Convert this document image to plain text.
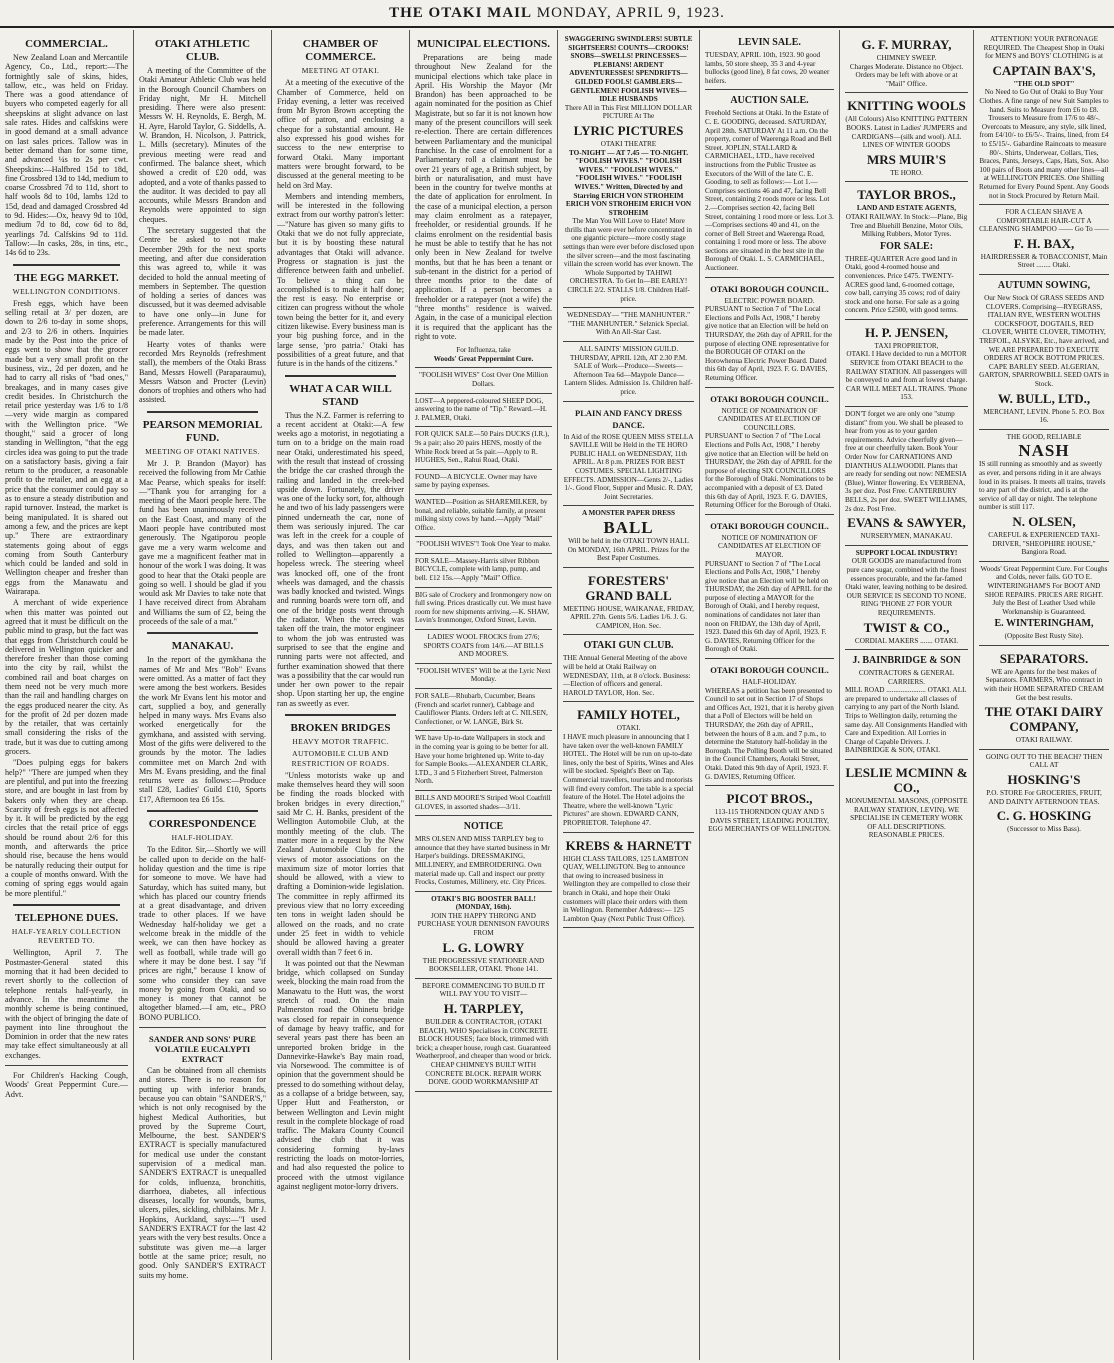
THE OTAKI MAIL MONDAY, APRIL 9, 1923.
COMMERCIAL.

New Zealand Loan and Mercantile Agency, Co., Ltd., report:—The fortnightly sale of skins, hides, tallow, etc., was held on Friday. There was a good attendance of buyers who competed eagerly for all sheepskins at slight advance on last sale rates. Hides and calfskins were in good demand at a small advance on last sales prices. Tallow was in better demand than for some time, and advanced ¼s to 2s per cwt. Sheepskins:—Halfbred 15d to 18d, fine Crossbred 13d to 14d, medium to coarse Crossbred 7d to 11d, short to half wools 8d to 10d, lambs 12d to 15d, dead and damaged Crossbred 4d to 9d. Hides:—Ox, heavy 9d to 10d, medium 7d to 8d, cow 6d to 8d, yearlings 7d. Calfskins 9d to 11d. Tallow:—In casks, 28s, in tins, etc., 14s 6d to 23s.

THE EGG MARKET.
WELLINGTON CONDITIONS.

Fresh eggs, which have been selling retail at 3/ per dozen, are down to 2/6 to-day in some shops, and 2/3 to 2/6 in others. Inquiries made by the Post into the price of eggs went to show that the grocer made but a very small profit on the business, viz., 2d per dozen, and he had to carry all risks of "bad ones," breakages, and in many cases give credit besides. In Christchurch the retail price yesterday was 1/6 to 1/8—very wide margin as compared with the Wellington price. "We thought," said a grocer of long standing in Wellington, "that the egg circles idea was going to put the trade on a satisfactory basis, giving a fair return to the producer, a reasonable profit to the retailer, and an egg at a price that the consumer could pay so as to ensure a steady distribution and rapid turnover. Instead, the market is being manipulated. It is shared out among a few, and the prices are kept up." There are extraordinary statements going about of eggs coming from South Canterbury which could be landed and sold in Wellington cheaper and fresher than eggs from the Manawatu and Wairarapa.

A merchant of wide experience when this matter was pointed out agreed that it must be difficult on the public mind to grasp, but the fact was that eggs from Christchurch could be delivered in Wellington quicker and therefore fresher than those coming into the city by rail, whilst the combined rail and boat charges on them need not be very much more than the rail and handling charges on the eggs produced nearer the city. As for the profit of 2d per dozen made by the retailer, that was certainly small considering the risks of the trade, but it was due to cutting among grocers.

"Does pulping eggs for bakers help?" "There are jumped when they are plentiful, and put into the freezing store, and are bought in last from by bakers only when they are cheap. Scarcity of fresh eggs is not affected by it. It will be predicted by the egg circles that the retail price of eggs should be round about 2/6 for this month, and afterwards the price should rise, because the hens would be naturally reducing their output for a couple of months onward. With the coming of spring eggs would again be more plentiful."

TELEPHONE DUES.
HALF-YEARLY COLLECTION REVERTED TO.

Wellington, April 7. The Postmaster-General stated this morning that it had been decided to revert shortly to the collection of telephone rentals half-yearly, in advance. In the meantime the monthly scheme is being continued, with the object of bringing the date of payment into line throughout the Dominion in order that the new rates may take effect simultaneously at all exchanges.

For Children's Hacking Cough, Woods' Great Peppermint Cure.—Advt.

OTAKI ATHLETIC CLUB.

A meeting of the Committee of the Otaki Amateur Athletic Club was held in the Borough Council Chambers on Friday night, Mr H. Mitchell presiding. There were also present: Messrs W. H. Reynolds, E. Bergh, M. H. Ayre, Harold Taylor, G. Siddells, A. W. Brandon, H. Nicolson, J. Pattrick, L. Mills (secretary). Minutes of the previous meeting were read and confirmed. The balance sheet, which showed a credit of £20 odd, was adopted, and a vote of thanks passed to the auditor. It was decided to pay all accounts, while Messrs Brandon and Reynolds were appointed to sign cheques.

The secretary suggested that the Centre be asked to not make December 29th for the next sports meeting, and after due consideration this was agreed to, while it was decided to hold the annual meeting of members in September. The question of holding a series of dances was discussed, but it was deemed advisable to have one only—in June for preference. Arrangements for this will be made later.

Hearty votes of thanks were recorded Mrs Reynolds (refreshment stall), the members of the Otaki Brass Band, Messrs Howell (Paraparaumu), Messrs Watson and Procter (Levin) donors of trophies and others who had assisted.

PEARSON MEMORIAL FUND.
MEETING OF OTAKI NATIVES.

Mr J. P. Brandon (Mayor) has received the following from Mr Cathie Mac Pearse, which speaks for itself:—"Thank you for arranging for a meeting of the Maori people here. The fund has been unanimously received on the East Coast, and many of the Maori people have contributed most generously. The Ngatiporou people gave me a very warm welcome and gave me a magnificent feather mat in honour of the work I was doing. It was good to hear that the Otaki people are going so well. I should be glad if you would ask Mr Davies to take note that I have received direct from Abraham and Williams the sum of £2, being the proceeds of the sale of a mat."

MANAKAU.

In the report of the gymkhana the names of Mr and Mrs "Bob" Evans were omitted. As a matter of fact they were among the best workers. Besides the work Mr Evans lent his motor and cart, supplied a boy, and generally helped in many ways. Mrs Evans also worked energetically for the gymkhana, and assisted with serving. Most of the gifts were delivered to the grounds by the motor. The ladies committee met on March 2nd with Mrs M. Evans presiding, and the final returns were as follows:—Produce stall £28, Ladies' Guild £10, Sports £17, Afternoon tea £6 15s.

CORRESPONDENCE
HALF-HOLIDAY.

To the Editor. Sir,—Shortly we will be called upon to decide on the half-holiday question and the time is ripe for someone to move. We have had Saturday, which has suited many, but which has placed our country friends at a great disadvantage, and driven trade to other places. If we have Wednesday half-holiday we get a welcome break in the middle of the week, we can then have hockey as well as football, while trade will go where it may be done best. I say "if prices are right," because I know of some who consider they can save money by going from Otaki, and so money is money that cannot be altogether blamed.—I am, etc., PRO BONO PUBLICO.

SANDER AND SONS' PURE VOLATILE EUCALYPTI EXTRACT

Can be obtained from all chemists and stores. There is no reason for putting up with inferior brands, because you can obtain "SANDER'S," which is not only recognised by the highest Medical Authorities, but proved by the Supreme Court, Melbourne, the best. SANDER'S EXTRACT is specially manufactured for medical use under the constant supervision of a medical man. SANDER'S EXTRACT is unequalled for colds, influenza, bronchitis, diarrhoea, diabetes, all infectious diseases, locally for wounds, burns, ulcers, piles, sickling, chilblains. Mr J. Hopkins, Auckland, says:—"I used SANDER'S EXTRACT for the last 42 years with the very best results. Once a substitute was given me—a larger bottle at the same price; result, no good. Only SANDER'S EXTRACT suits my home.

CHAMBER OF COMMERCE.
MEETING AT OTAKI.

At a meeting of the executive of the Chamber of Commerce, held on Friday evening, a letter was received from Mr Byron Brown accepting the office of patron, and enclosing a cheque for a substantial amount. He also expressed his good wishes for success to the new enterprise to forward Otaki. Many important matters were brought forward, to be discussed at the general meeting to be held on 3rd May.

Members and intending members, will be interested in the following extract from our worthy patron's letter:—"Nature has given so many gifts to Otaki that we do not fully appreciate, but it is by boosting these natural advantages that Otaki will advance. Progress or stagnation is just the difference between faith and unbelief. To believe a thing can be accomplished is to make it half done; the rest is easy. No enterprise or citizen can progress without the whole town being the better for it, and every citizen likewise. Every business man is your big pushing force, and in the large sense, 'pro patria.' Otaki has possibilities of a great future, and that future is in the hands of the citizens."

WHAT A CAR WILL STAND

Thus the N.Z. Farmer is referring to a recent accident at Otaki:—A few weeks ago a motorist, in negotiating a turn on to a bridge on the main road near Otaki, underestimated his speed, with the result that instead of crossing the bridge the car crashed through the railing and landed in the creek-bed upside down. Fortunately, the driver was one of the lucky sort, for, although he and two of his lady passengers were pinned underneath the car, none of them was seriously injured. The car was left in the creek for a couple of days, and was then taken out and rolled to Wellington—apparently a hopeless wreck. The steering wheel was knocked off, one of the front wheels was damaged, and the chassis was badly knocked and twisted. Wings and running boards were torn off, and one of the bridge posts went through the radiator. When the wreck was taken off the train, the motor engineer to whom the job was entrusted was surprised to see that the engine and running parts were not affected, and further examination showed that there was a possibility that the car would run under her own power to the repair shop. Upon starting her up, the engine ran as sweetly as ever.

BROKEN BRIDGES
HEAVY MOTOR TRAFFIC.
AUTOMOBILE CLUB AND RESTRICTION OF ROADS.

"Unless motorists wake up and make themselves heard they will soon be finding the roads blocked with broken bridges in every direction," said Mr C. H. Banks, president of the Wellington Automobile Club, at the monthly meeting of the club. The matter more in a request by the New Zealand Automobile Club for the views of motor associations on the maximum size of motor lorries that should be allowed, with a view to drafting a Dominion-wide legislation. The committee in reply affirmed its previous view that no lorry exceeding ten tons in weight laden should be allowed on the roads, and no crate under 25 feet in width to vehicle should be allowed having a greater overall width than 7 feet 6 in.

It was pointed out that the Newman bridge, which collapsed on Sunday week, blocking the main road from the Manawatu to the Hutt was, the worst stretch of road. On the main Palmerston road the Ohinetu bridge was closed for repair in consequence of damage by heavy traffic, and for several years past there has been an unreported broken bridge in the Dannevirke-Hawke's Bay main road, via Norsewood. The committee is of opinion that the government should be pressed to do something without delay, as a collapse of a bridge between, say, Upper Hutt and Featherston, or between Wellington and Levin might result in the complete blockage of road traffic. The Makara County Council advised the club that it was considering forming by-laws restricting the loads on motor-lorries, and had also requested the police to proceed with the utmost vigilance against negligent motor-lorry drivers.

MUNICIPAL ELECTIONS.

Preparations are being made throughout New Zealand for the municipal elections which take place in April. His Worship the Mayor (Mr Brandon) has been approached to be again nominated for the position as Chief Magistrate, but so far it is not known how many of the present councillors will seek re-election. There are certain differences between Parliamentary and the municipal franchise. In the case of enrolment for a Parliamentary roll a claimant must be over 21 years of age, a British subject, by birth or naturalisation, and must have been in the country for twelve months at the date of application for enrolment. In the case of a municipal election, a person may claim enrolment as a ratepayer, freeholder, or residential grounds. If he claims enrolment on the residential basis he must be able to testify that he has not only been in New Zealand for twelve months, but that he has been a tenant or sub-tenant in the district for a period of three months prior to the date of application. If a person becomes a freeholder or a ratepayer (not a wife) the "three months" residence is waived. Again, in the case of a municipal election it is required that the applicant has the right to vote.

For Influenza, take
Woods' Great Peppermint Cure.
"FOOLISH WIVES" Cost Over One Million Dollars.
LOST—A peppered-coloured SHEEP DOG, answering to the name of "Tip." Reward.—H. J. PALMER, Otaki.
FOR QUICK SALE—50 Pairs DUCKS (I.R.), 9s a pair; also 20 pairs HENS, mostly of the White Rock breed at 5s pair.—Apply to R. HUGHES, Sen., Rahui Road, Otaki.
FOUND—A BICYCLE. Owner may have same by paying expenses.
WANTED—Position as SHAREMILKER, by bonal, and reliable, suitable family, at present milking sixty cows by hand.—Apply "Mail" Office.
"FOOLISH WIVES"! Took One Year to make.
FOR SALE—Massey-Harris silver Ribbon BICYCLE, complete with lamp, pump, and bell. £12 15s.—Apply "Mail" Office.
BIG sale of Crockery and Ironmongery now on full swing. Prices drastically cut. We must have room for new shipments arriving.—K. SHAW, Levin's Ironmonger, Oxford Street, Levin.
LADIES' WOOL FROCKS from 27/6; SPORTS COATS from 14/6.—AT BILLS AND MOORE'S.
"FOOLISH WIVES" Will be at the Lyric Next Monday.
FOR SALE—Rhubarb, Cucumber, Beans (French and scarlet runner), Cabbage and Cauliflower Plants. Orders left at C. NILSEN, Confectioner, or W. LANGE, Birk St.
WE have Up-to-date Wallpapers in stock and in the coming year is going to be better for all. Have your home brightened up. Write to-day for Sample Books.—ALEXANDER CLARK, LTD., 3 and 5 Fitzherbert Street, Palmerston North.
BILLS AND MOORE'S Striped Wool Coatfrill GLOVES, in assorted shades—3/11.
NOTICE
MRS OLSEN AND MISS TARPLEY beg to announce that they have started business in Mr Harper's buildings. DRESSMAKING, MILLINERY, and EMBROIDERING. Own material made up. Call and inspect our pretty Frocks, Costumes, Millinery, etc. City Prices.
OTAKI'S BIG BOOSTER BALL! (MONDAY, 16th).
JOIN THE HAPPY THRONG AND PURCHASE YOUR DENNISON FAVOURS FROM
L. G. LOWRY
THE PROGRESSIVE STATIONER AND BOOKSELLER, OTAKI. 'Phone 141.
BEFORE COMMENCING TO BUILD IT WILL PAY YOU TO VISIT—
H. TARPLEY,
BUILDER & CONTRACTOR, (OTAKI BEACH). WHO Specialises in CONCRETE BLOCK HOUSES; face block, trimmed with brick; a cheaper house, rough cast. Guaranteed Weatherproof, and cheaper than wood or brick. CHEAP CHIMNEYS BUILT WITH CONCRETE BLOCK. REPAIR WORK DONE. GOOD WORKMANSHIP AT
SWAGGERING SWINDLERS! SUBTLE SIGHTSEERS! COUNTS—CROOKS! SNOBS—SWELLS! PRINCESSES—PLEBIANS! ARDENT ADVENTURESSES! SPENDRIFTS—GILDED FOOLS! GAMBLERS—GENTLEMEN! FOOLISH WIVES—IDLE HUSBANDS
There All in This First MILLION DOLLAR PICTURE At The
LYRIC PICTURES
OTAKI THEATRE
TO-NIGHT — AT 7.45 — TO-NIGHT. "FOOLISH WIVES." "FOOLISH WIVES." "FOOLISH WIVES." "FOOLISH WIVES." "FOOLISH WIVES." Written, Directed by and Starring ERICH VON STROHEIM ERICH VON STROHEIM ERICH VON STROHEIM
The Man You Will Love to Hate! More thrills than were ever before concentrated in one gigantic picture—more costly stage settings than were ever before disclosed upon the silver screen—and the most fascinating villain the screen world has ever known. The Whole Supported by TAHIWI ORCHESTRA. To Get In—BE EARLY! CIRCLE 2/2. STALLS 1/8. Children Half-price.
WEDNESDAY— "THE MANHUNTER." "THE MANHUNTER." Selznick Special. With An All-Star Cast.
ALL SAINTS' MISSION GUILD. THURSDAY, APRIL 12th, AT 2.30 P.M. SALE of Work—Produce—Sweets—Afternoon Tea 6d—Maypole Dance—Lantern Slides. Admission 1s. Children half-price.
PLAIN AND FANCY DRESS DANCE.
In Aid of the ROSE QUEEN MISS STELLA SAVILLE Will be Held in the TE HORO PUBLIC HALL on WEDNESDAY, 11th APRIL. At 8 p.m. PRIZES FOR BEST COSTUMES. SPECIAL LIGHTING EFFECTS. ADMISSION—Gents 2/-, Ladies 1/-. Good Floor, Supper and Music. R. DAY, Joint Secretaries.
A MONSTER PAPER DRESS
BALL
Will be held in the OTAKI TOWN HALL On MONDAY, 16th APRIL. Prizes for the Best Paper Costumes.
FORESTERS' GRAND BALL
MEETING HOUSE, WAIKANAE, FRIDAY, APRIL 27th. Gents 5/6. Ladies 1/6. J. G. CAMPION, Hon. Sec.
OTAKI GUN CLUB.
THE Annual General Meeting of the above will be held at Otaki Railway on WEDNESDAY, 11th, at 8 o'clock. Business:—Election of officers and general. HAROLD TAYLOR, Hon. Sec.
FAMILY HOTEL,
OTAKI.
I HAVE much pleasure in announcing that I have taken over the well-known FAMILY HOTEL. The Hotel will be run on up-to-date lines, only the best of Spirits, Wines and Ales will be stocked. Speight's Beer on Tap. Commercial travellers, tourists and motorists will find every comfort. The table is a special feature of the Hotel. The Hotel adjoins the Theatre, where the well-known "Lyric Pictures" are shown. EDWARD CANN, PROPRIETOR. Telephone 47.
KREBS & HARNETT
HIGH CLASS TAILORS, 125 LAMBTON QUAY, WELLINGTON. Beg to announce that owing to increased business in Wellington they are compelled to close their branch in Otaki, and hope their Otaki customers will place their orders with them in Wellington. Remember Address:— 125 Lambton Quay (Next Public Trust Office).
LEVIN SALE.
TUESDAY, APRIL 10th, 1923. 90 good lambs, 50 store sheep, 35 3 and 4-year bullocks (good line), 8 fat cows, 20 weaner heifers.
AUCTION SALE.
Freehold Sections at Otaki. In the Estate of C. E. GOODING, deceased. SATURDAY, April 28th. SATURDAY At 11 a.m. On the property, corner of Waerenga Road and Bell Street. JOPLIN, STALLARD & CARMICHAEL, LTD., have received instructions from the Public Trustee as Executors of the Will of the late C. E. Gooding, to sell as follows:— Lot 1.—Comprises sections 46 and 47, facing Bell Street, containing 2 roods more or less. Lot 2.—Comprises section 42, facing Bell Street, containing 1 rood more or less. Lot 3.—Comprises sections 40 and 41, on the corner of Bell Street and Waerenga Road, containing 1 rood more or less. The above sections are situated in the best site in the Borough of Otaki. L. S. CARMICHAEL, Auctioneer.
OTAKI BOROUGH COUNCIL.
ELECTRIC POWER BOARD.
PURSUANT to Section 7 of "The Local Elections and Polls Act, 1908," I hereby give notice that an Election will be held on THURSDAY, the 26th day of APRIL for the purpose of electing ONE representative for the BOROUGH OF OTAKI on the Horowhenua Electric Power Board. Dated this 6th day of April, 1923. F. G. DAVIES, Returning Officer.
OTAKI BOROUGH COUNCIL.
NOTICE OF NOMINATION OF CANDIDATES AT ELECTION OF COUNCILLORS.
PURSUANT to Section 7 of "The Local Elections and Polls Act, 1908," I hereby give notice that an Election will be held on THURSDAY, the 26th day of APRIL for the purpose of electing SIX COUNCILLORS for the Borough of Otaki. Nominations to be accompanied with a deposit of £3. Dated this 6th day of April, 1923. F. G. DAVIES, Returning Officer for the Borough of Otaki.
OTAKI BOROUGH COUNCIL.
NOTICE OF NOMINATION OF CANDIDATES AT ELECTION OF MAYOR.
PURSUANT to Section 7 of "The Local Elections and Polls Act, 1908," I hereby give notice that an Election will be held on THURSDAY, the 26th day of APRIL for the purpose of electing a MAYOR for the Borough of Otaki, and I hereby request, nominations of candidates not later than noon on FRIDAY, the 13th day of April, 1923. Dated this 6th day of April, 1923. F. G. DAVIES, Returning Officer for the Borough of Otaki.
OTAKI BOROUGH COUNCIL.
HALF-HOLIDAY.
WHEREAS a petition has been presented to Council to set out in Section 17 of Shops and Offices Act, 1921, that it is hereby given that a Poll of Electors will be held on THURSDAY, the 26th day of APRIL, between the hours of 8 a.m. and 7 p.m., to determine the Statutory half-holiday in the Borough. The Polling Booth will be situated in the Council Chambers, Aotaki Street, Otaki. Dated this 9th day of April, 1923. F. G. DAVIES, Returning Officer.
PICOT BROS.,
113-115 THORNDON QUAY AND 5 DAVIS STREET, LEADING POULTRY, EGG MERCHANTS OF WELLINGTON.
G. F. MURRAY,
CHIMNEY SWEEP.
Charges Moderate. Distance no Object. Orders may be left with above or at "Mail" Office.
KNITTING WOOLS
(All Colours) Also KNITTING PATTERN BOOKS. Latest in Ladies' JUMPERS and CARDIGANS—(silk and wool). ALL LINES OF WINTER GOODS
MRS MUIR'S
TE HORO.
TAYLOR BROS.,
LAND AND ESTATE AGENTS,
OTAKI RAILWAY. In Stock:—Plane, Big Tree and Bluehill Benzine, Motor Oils, Milking Rubbers, Motor Tyres.
FOR SALE:
THREE-QUARTER Acre good land in Otaki, good 4-roomed house and conveniences. Price £475. TWENTY-ACRES good land, 6-roomed cottage, cow ball, carrying 35 cows; rod of dairy stock and one horse. For sale as a going concern. Price £2500, with good terms.
H. P. JENSEN,
TAXI PROPRIETOR,
OTAKI. I Have decided to run a MOTOR SERVICE from OTAKI BEACH to the RAILWAY STATION. All passengers will be conveyed to and from at lowest charge. CAR WILL MEET ALL TRAINS. 'Phone 153.
DON'T forget we are only one "stump distant" from you. We shall be pleased to hear from you as to your garden requirements. Advice cheerfully given—free at our cheerfully taken. Book Your Order Now for CARNATIONS AND DIANTHUS ALLWOODII. Plants that are ready for sending out now: NEMESIA (Blue), Winter flowering. Ex VERBENA, 3s per doz. Post Free. CANTERBURY BELLS, 2s per doz. SWEET WILLIAMS, 2s doz. Post Free.
EVANS & SAWYER,
NURSERYMEN, MANAKAU.
SUPPORT LOCAL INDUSTRY!
OUR GOODS are manufactured from pure cane sugar, combined with the finest essences procurable, and the far-famed Otaki water, leaving nothing to be desired. OUR SERVICE IS SECOND TO NONE. RING 'PHONE 27 FOR YOUR REQUIREMENTS.
TWIST & CO.,
CORDIAL MAKERS ....... OTAKI.
J. BAINBRIDGE & SON
CONTRACTORS & GENERAL CARRIERS.
MILL ROAD ...................... OTAKI. ALL are prepared to undertake all classes of carrying to any part of the North Island. Trips to Wellington daily, returning the same day. All Consignments Handled with Care and Expedition. All Lorries in Charge of Capable Drivers. J. BAINBRIDGE & SON, OTAKI.
LESLIE MCMINN & CO.,
MONUMENTAL MASONS, (OPPOSITE RAILWAY STATION, LEVIN). WE SPECIALISE IN CEMETERY WORK OF ALL DESCRIPTIONS. REASONABLE PRICES.
ATTENTION! YOUR PATRONAGE REQUIRED. The Cheapest Shop in Otaki for MEN'S and BOYS' CLOTHING is at
CAPTAIN BAX'S,
"THE OLD SPOT"
No Need to Go Out of Otaki to Buy Your Clothes. A fine range of new Suit Samples to hand. Suits to Measure from £6 to £8. Trousers to Measure from 17/6 to 48/-. Overcoats to Measure, any style, silk lined, from £4/10/- to £6/5/-. Trains, lined, from £4 to £5/15/-. Gabardine Raincoats to measure 80/-. Shirts, Underwear, Collars, Ties, Braces, Pants, Jerseys, Caps, Hats, Sox. Also 100 pairs of Boots and many other lines—all at WELLINGTON PRICES. One Shilling Returned for Every Pound Spent. Any Goods not in Stock Procured by Return Mail.
FOR A CLEAN SHAVE A COMFORTABLE HAIR-CUT A CLEANSING SHAMPOO —— Go To ——
F. H. BAX,
HAIRDRESSER & TOBACCONIST, Main Street ........ Otaki.
AUTUMN SOWING,
Our New Stock Of GRASS SEEDS AND CLOVERS. Comprising—RYEGRASS, ITALIAN RYE, WESTERN WOLTHS COCKSFOOT, DOGTAILS, RED CLOVER, WHITE CLOVER, TIMOTHY, TREFOIL, ALSYKE, Etc., have arrived, and WE ARE PREPARED TO EXECUTE ORDERS AT ROCK BOTTOM PRICES. CAPE BARLEY SEED. ALGERIAN, GARTON, SPARROWBILL SEED OATS in Stock.
W. BULL, LTD.,
MERCHANT, LEVIN. Phone 5. P.O. Box 16.
THE GOOD, RELIABLE
NASH
IS still running as smoothly and as sweetly as ever, and persons riding in it are always loud in its praises. It meets all trains, travels to any part of the district, and is at the service of all day or night. The telephone number is still 117.
N. OLSEN,
CAREFUL & EXPERIENCED TAXI-DRIVER, "SHEOPHIRE HOUSE," Bangiora Road.
Woods' Great Peppermint Cure. For Coughs and Colds, never fails. GO TO E. WINTERINGHAM'S For BOOT AND SHOE REPAIRS. PRICES ARE RIGHT. July the Best of Leather Used while Workmanship is Guaranteed.
E. WINTERINGHAM,
(Opposite Best Rusty Site).
SEPARATORS.
WE are Agents for the best makes of Separators. FARMERS, Who contract in with their HOME SEPARATED CREAM Get the best results.
THE OTAKI DAIRY COMPANY,
OTAKI RAILWAY.
GOING OUT TO THE BEACH? THEN CALL AT
HOSKING'S
P.O. STORE For GROCERIES, FRUIT, AND DAINTY AFTERNOON TEAS.
C. G. HOSKING
(Successor to Miss Bass).
